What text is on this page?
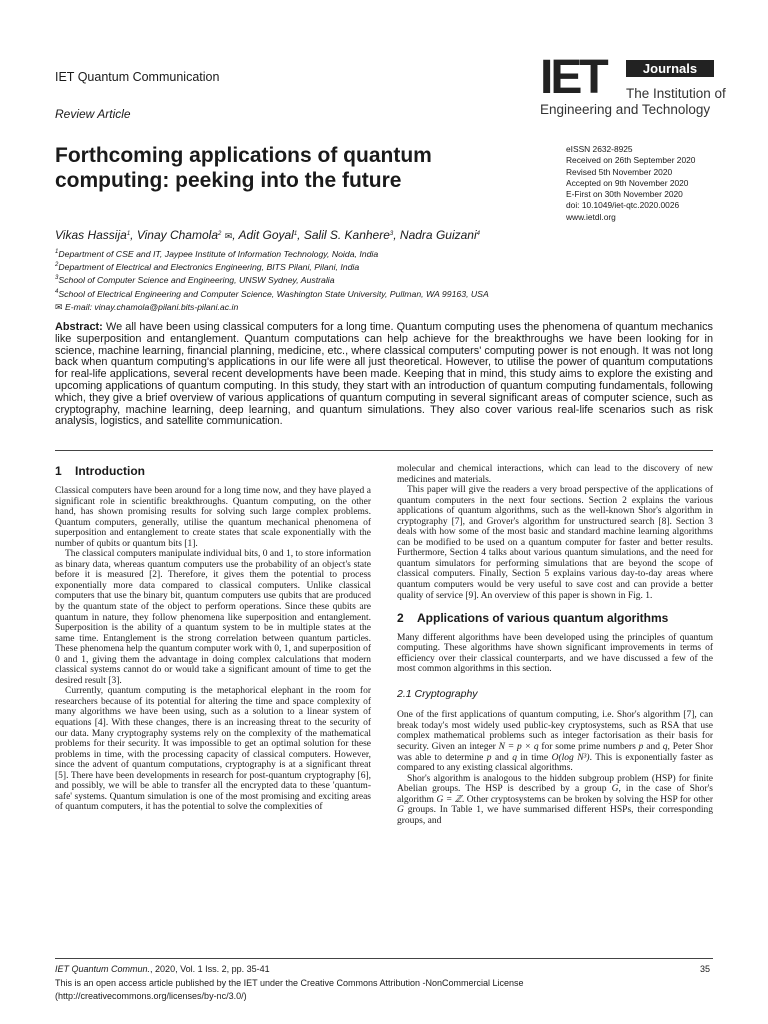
IET Quantum Communication
Review Article
IET	Journals
The Institution of
Engineering and Technology
Forthcoming applications of quantum computing: peeking into the future
eISSN 2632-8925
Received on 26th September 2020
Revised 5th November 2020
Accepted on 9th November 2020
E-First on 30th November 2020
doi: 10.1049/iet-qtc.2020.0026
www.ietdl.org
Vikas Hassija$^1$, Vinay Chamola$^2$ ✉, Adit Goyal$^1$, Salil S. Kanhere$^3$, Nadra Guizani$^4$
$^1$Department of CSE and IT, Jaypee Institute of Information Technology, Noida, India
$^2$Department of Electrical and Electronics Engineering, BITS Pilani, Pilani, India
$^3$School of Computer Science and Engineering, UNSW Sydney, Australia
$^4$School of Electrical Engineering and Computer Science, Washington State University, Pullman, WA 99163, USA
✉ E-mail: vinay.chamola@pilani.bits-pilani.ac.in

Abstract: We all have been using classical computers for a long time. Quantum computing uses the phenomena of quantum mechanics like superposition and entanglement. Quantum computations can help achieve for the breakthroughs we have been looking for in science, machine learning, financial planning, medicine, etc., where classical computers' computing power is not enough. It was not long back when quantum computing's applications in our life were all just theoretical. However, to utilise the power of quantum computations for real-life applications, several recent developments have been made. Keeping that in mind, this study aims to explore the existing and upcoming applications of quantum computing. In this study, they start with an introduction of quantum computing fundamentals, following which, they give a brief overview of various applications of quantum computing in several significant areas of computer science, such as cryptography, machine learning, deep learning, and quantum simulations. They also cover various real-life scenarios such as risk analysis, logistics, and satellite communication.

1 Introduction

Classical computers have been around for a long time now, and they have played a significant role in scientific breakthroughs. Quantum computing, on the other hand, has shown promising results for solving such large complex problems. Quantum computers, generally, utilise the quantum mechanical phenomena of superposition and entanglement to create states that scale exponentially with the number of qubits or quantum bits [1].

The classical computers manipulate individual bits, 0 and 1, to store information as binary data, whereas quantum computers use the probability of an object's state before it is measured [2]. Therefore, it gives them the potential to process exponentially more data compared to classical computers. Unlike classical computers that use the binary bit, quantum computers use qubits that are produced by the quantum state of the object to perform operations. Since these qubits are quantum in nature, they follow phenomena like superposition and entanglement. Superposition is the ability of a quantum system to be in multiple states at the same time. Entanglement is the strong correlation between quantum particles. These phenomena help the quantum computer work with 0, 1, and superposition of 0 and 1, giving them the advantage in doing complex calculations that modern classical systems cannot do or would take a significant amount of time to get the desired result [3].

Currently, quantum computing is the metaphorical elephant in the room for researchers because of its potential for altering the time and space complexity of many algorithms we have been using, such as a solution to a linear system of equations [4]. With these changes, there is an increasing threat to the security of our data. Many cryptography systems rely on the complexity of the mathematical problems for their security. It was impossible to get an optimal solution for these problems in time, with the processing capacity of classical computers. However, since the advent of quantum computations, cryptography is at a significant threat [5]. There have been developments in research for post-quantum cryptography [6], and possibly, we will be able to transfer all the encrypted data to these 'quantum-safe' systems. Quantum simulation is one of the most promising and exciting areas of quantum computers, it has the potential to solve the complexities of

molecular and chemical interactions, which can lead to the discovery of new medicines and materials.

This paper will give the readers a very broad perspective of the applications of quantum computers in the next four sections. Section 2 explains the various applications of quantum algorithms, such as the well-known Shor's algorithm in cryptography [7], and Grover's algorithm for unstructured search [8]. Section 3 deals with how some of the most basic and standard machine learning algorithms can be modified to be used on a quantum computer for faster and better results. Furthermore, Section 4 talks about various quantum simulations, and the need for quantum simulators for performing simulations that are beyond the scope of classical computers. Finally, Section 5 explains various day-to-day areas where quantum computers would be very useful to save cost and can provide a better quality of service [9]. An overview of this paper is shown in Fig. 1.

2 Applications of various quantum algorithms

Many different algorithms have been developed using the principles of quantum computing. These algorithms have shown significant improvements in terms of efficiency over their classical counterparts, and we have discussed a few of the most common algorithms in this section.

2.1 Cryptography

One of the first applications of quantum computing, i.e. Shor's algorithm [7], can break today's most widely used public-key cryptosystems, such as RSA that use complex mathematical problems such as integer factorisation as their basis for security. Given an integer N = p × q for some prime numbers p and q, Peter Shor was able to determine p and q in time O(log N³). This is exponentially faster as compared to any existing classical algorithms.

Shor's algorithm is analogous to the hidden subgroup problem (HSP) for finite Abelian groups. The HSP is described by a group G, in the case of Shor's algorithm G = ℤ. Other cryptosystems can be broken by solving the HSP for other G groups. In Table 1, we have summarised different HSPs, their corresponding groups, and

IET Quantum Commun., 2020, Vol. 1 Iss. 2, pp. 35-41	35
This is an open access article published by the IET under the Creative Commons Attribution -NonCommercial License
(http://creativecommons.org/licenses/by-nc/3.0/)
